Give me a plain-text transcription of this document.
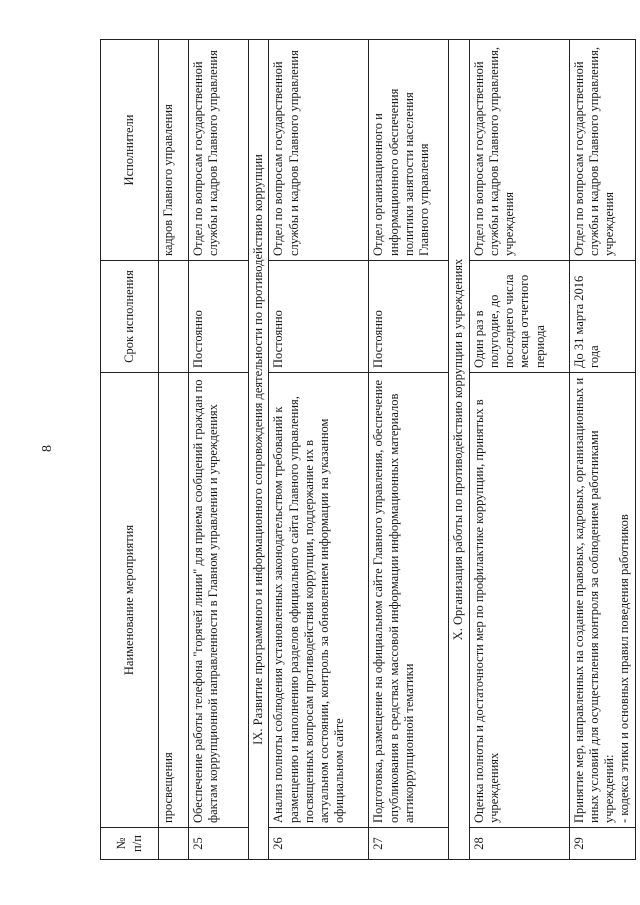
8
№ п/п	Наименование мероприятия	Срок исполнения	Исполнители
	просвещения		кадров Главного управления
25	Обеспечение работы телефона "горячей линии" для приема сообщений граждан по фактам коррупционной направленности в Главном управлении и учреждениях	Постоянно	Отдел по вопросам государственной службы и кадров Главного управления
IX. Развитие программного и информационного сопровождения деятельности по противодействию коррупции			
26	Анализ полноты соблюдения установленных законодательством требований к размещению и наполнению разделов официального сайта Главного управления, посвященных вопросам противодействия коррупции, поддержание их в актуальном состоянии, контроль за обновлением информации на указанном официальном сайте	Постоянно	Отдел по вопросам государственной службы и кадров Главного управления
27	Подготовка, размещение на официальном сайте Главного управления, обеспечение опубликования в средствах массовой информации информационных материалов антикоррупционной тематики	Постоянно	Отдел организационного и информационного обеспечения политики занятости населения Главного управления
X. Организация работы по противодействию коррупции в учреждениях			
28	Оценка полноты и достаточности мер по профилактике коррупции, принятых в учреждениях	Один раз в полугодие, до последнего числа месяца отчетного периода	Отдел по вопросам государственной службы и кадров Главного управления, учреждения
29	Принятие мер, направленных на создание правовых, кадровых, организационных и иных условий для осуществления контроля за соблюдением работниками учреждений: - кодекса этики и основных правил поведения работников	До 31 марта 2016 года	Отдел по вопросам государственной службы и кадров Главного управления, учреждения
